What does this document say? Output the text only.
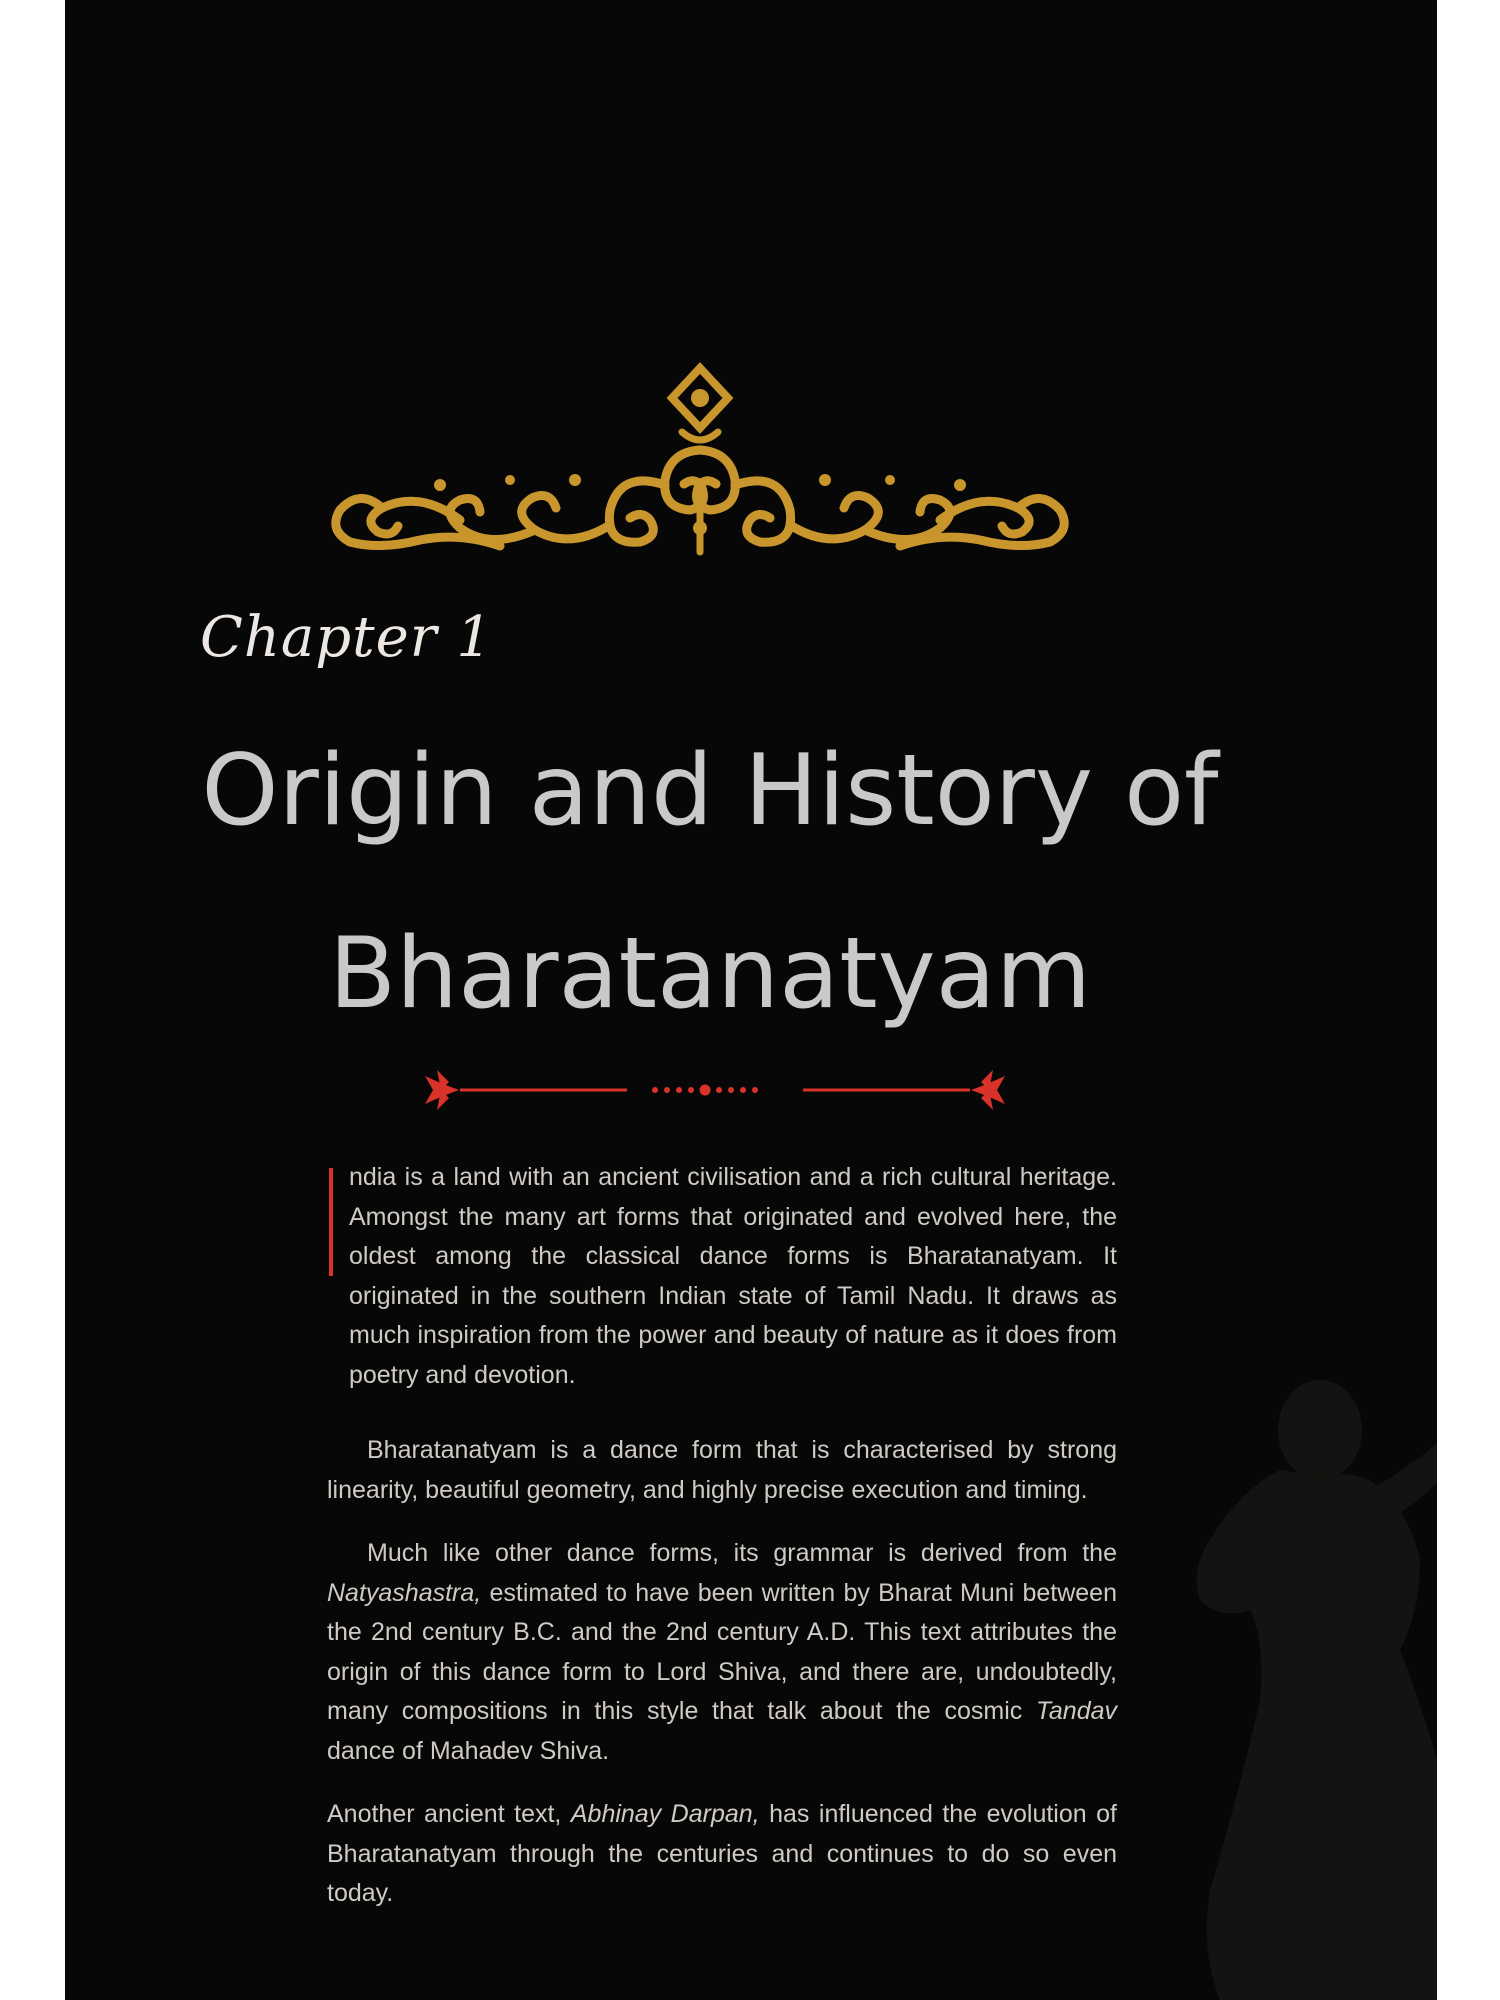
Chapter 1
Origin and History of
Bharatanatyam

ndia is a land with an ancient civilisation and a rich cultural heritage. Amongst the many art forms that originated and evolved here, the oldest among the classical dance forms is Bharatanatyam. It originated in the southern Indian state of Tamil Nadu. It draws as much inspiration from the power and beauty of nature as it does from poetry and devotion.

Bharatanatyam is a dance form that is characterised by strong linearity, beautiful geometry, and highly precise execution and timing.

Much like other dance forms, its grammar is derived from the Natyashastra, estimated to have been written by Bharat Muni between the 2nd century B.C. and the 2nd century A.D. This text attributes the origin of this dance form to Lord Shiva, and there are, undoubtedly, many compositions in this style that talk about the cosmic Tandav dance of Mahadev Shiva.

Another ancient text, Abhinay Darpan, has influenced the evolution of Bharatanatyam through the centuries and continues to do so even today.
